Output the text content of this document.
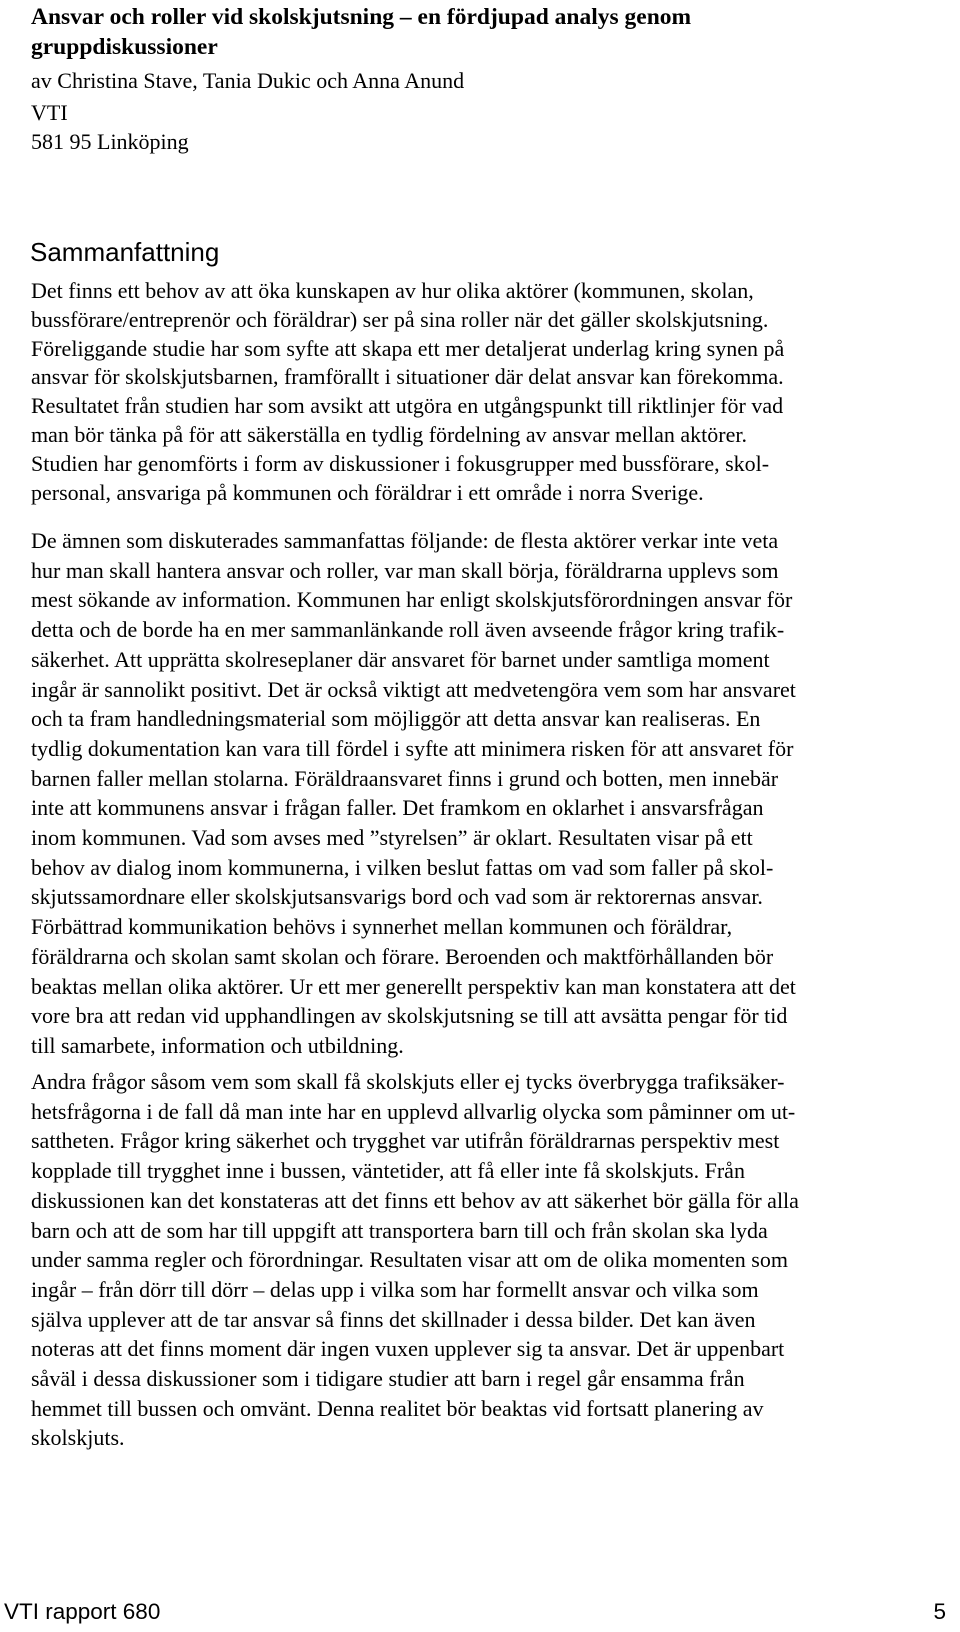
Ansvar och roller vid skolskjutsning – en fördjupad analys genom
gruppdiskussioner

av Christina Stave, Tania Dukic och Anna Anund

VTI

581 95 Linköping

Sammanfattning
Det finns ett behov av att öka kunskapen av hur olika aktörer (kommunen, skolan,
bussförare/entreprenör och föräldrar) ser på sina roller när det gäller skolskjutsning.
Föreliggande studie har som syfte att skapa ett mer detaljerat underlag kring synen på
ansvar för skolskjutsbarnen, framförallt i situationer där delat ansvar kan förekomma.
Resultatet från studien har som avsikt att utgöra en utgångspunkt till riktlinjer för vad
man bör tänka på för att säkerställa en tydlig fördelning av ansvar mellan aktörer.
Studien har genomförts i form av diskussioner i fokusgrupper med bussförare, skol-
personal, ansvariga på kommunen och föräldrar i ett område i norra Sverige.
De ämnen som diskuterades sammanfattas följande: de flesta aktörer verkar inte veta
hur man skall hantera ansvar och roller, var man skall börja, föräldrarna upplevs som
mest sökande av information. Kommunen har enligt skolskjutsförordningen ansvar för
detta och de borde ha en mer sammanlänkande roll även avseende frågor kring trafik-
säkerhet. Att upprätta skolreseplaner där ansvaret för barnet under samtliga moment
ingår är sannolikt positivt. Det är också viktigt att medvetengöra vem som har ansvaret
och ta fram handledningsmaterial som möjliggör att detta ansvar kan realiseras. En
tydlig dokumentation kan vara till fördel i syfte att minimera risken för att ansvaret för
barnen faller mellan stolarna. Föräldraansvaret finns i grund och botten, men innebär
inte att kommunens ansvar i frågan faller. Det framkom en oklarhet i ansvarsfrågan
inom kommunen. Vad som avses med ”styrelsen” är oklart. Resultaten visar på ett
behov av dialog inom kommunerna, i vilken beslut fattas om vad som faller på skol-
skjutssamordnare eller skolskjutsansvarigs bord och vad som är rektorernas ansvar.
Förbättrad kommunikation behövs i synnerhet mellan kommunen och föräldrar,
föräldrarna och skolan samt skolan och förare. Beroenden och maktförhållanden bör
beaktas mellan olika aktörer. Ur ett mer generellt perspektiv kan man konstatera att det
vore bra att redan vid upphandlingen av skolskjutsning se till att avsätta pengar för tid
till samarbete, information och utbildning.
Andra frågor såsom vem som skall få skolskjuts eller ej tycks överbrygga trafiksäker-
hetsfrågorna i de fall då man inte har en upplevd allvarlig olycka som påminner om ut-
sattheten. Frågor kring säkerhet och trygghet var utifrån föräldrarnas perspektiv mest
kopplade till trygghet inne i bussen, väntetider, att få eller inte få skolskjuts. Från
diskussionen kan det konstateras att det finns ett behov av att säkerhet bör gälla för alla
barn och att de som har till uppgift att transportera barn till och från skolan ska lyda
under samma regler och förordningar. Resultaten visar att om de olika momenten som
ingår – från dörr till dörr – delas upp i vilka som har formellt ansvar och vilka som
själva upplever att de tar ansvar så finns det skillnader i dessa bilder. Det kan även
noteras att det finns moment där ingen vuxen upplever sig ta ansvar. Det är uppenbart
såväl i dessa diskussioner som i tidigare studier att barn i regel går ensamma från
hemmet till bussen och omvänt. Denna realitet bör beaktas vid fortsatt planering av
skolskjuts.

VTI rapport 680	5
